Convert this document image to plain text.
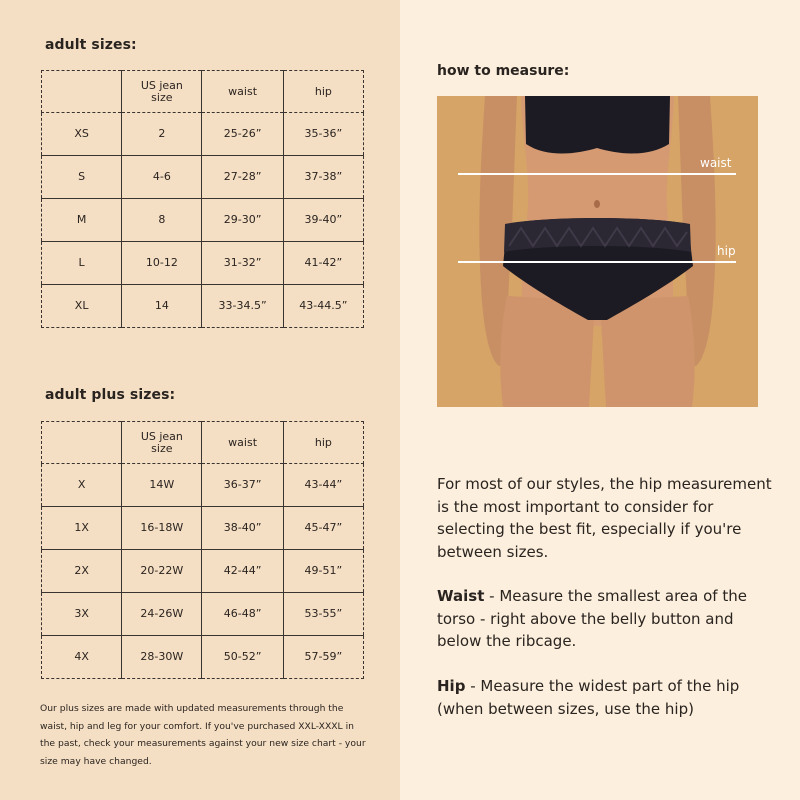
adult sizes:
	US jean size	waist	hip
XS	2	25-26”	35-36”
S	4-6	27-28”	37-38”
M	8	29-30”	39-40”
L	10-12	31-32”	41-42”
XL	14	33-34.5”	43-44.5”
adult plus sizes:
	US jean size	waist	hip
X	14W	36-37”	43-44”
1X	16-18W	38-40”	45-47”
2X	20-22W	42-44”	49-51”
3X	24-26W	46-48”	53-55”
4X	28-30W	50-52”	57-59”
Our plus sizes are made with updated measurements through the waist, hip and leg for your comfort. If you've purchased XXL-XXXL in the past, check your measurements against your new size chart - your size may have changed.
how to measure:
waist
hip
For most of our styles, the hip measurement is the most important to consider for selecting the best fit, especially if you're between sizes.
Waist - Measure the smallest area of the torso - right above the belly button and below the ribcage.
Hip - Measure the widest part of the hip (when between sizes, use the hip)
